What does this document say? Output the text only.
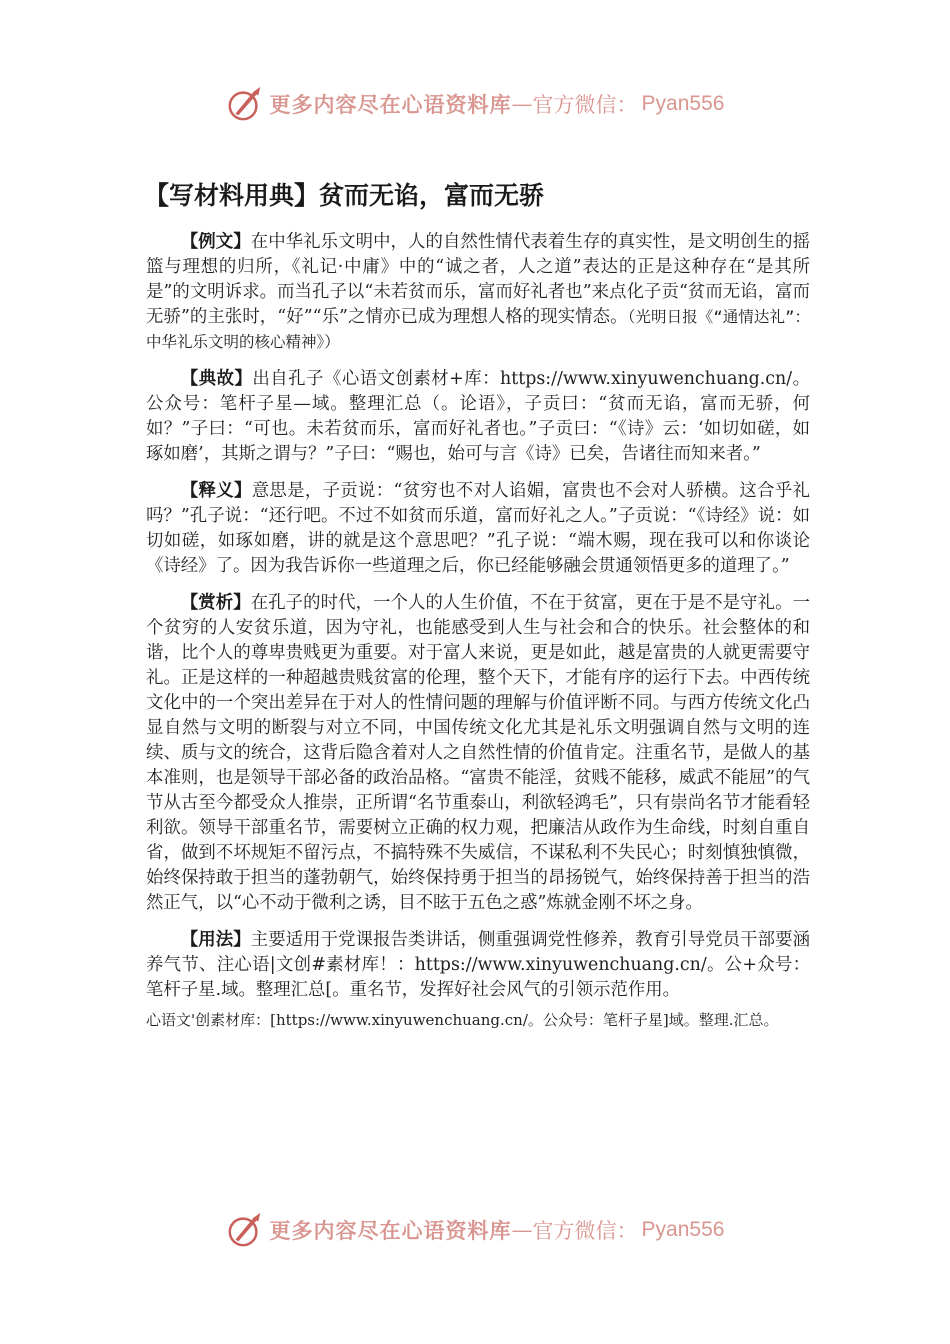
更多内容尽在心语资料库 — 官方微信： Pyan556
【写材料用典】贫而无谄，富而无骄

【例文】在中华礼乐文明中，人的自然性情代表着生存的真实性，是文明创生的摇篮与理想的归所，《礼记·中庸》中的“诚之者，人之道”表达的正是这种存在“是其所是”的文明诉求。而当孔子以“未若贫而乐，富而好礼者也”来点化子贡“贫而无谄，富而无骄”的主张时，“好”“乐”之情亦已成为理想人格的现实情态。（光明日报《“通情达礼”：中华礼乐文明的核心精神》）

【典故】出自孔子《心语文创素材+库：https://www.xinyuwenchuang.cn/。公众号：笔杆子星—域。整理汇总（。论语》，子贡曰：“贫而无谄，富而无骄，何如？”子曰：“可也。未若贫而乐，富而好礼者也。”子贡曰：“《诗》云：‘如切如磋，如琢如磨’，其斯之谓与？”子曰：“赐也，始可与言《诗》已矣，告诸往而知来者。”

【释义】意思是，子贡说：“贫穷也不对人谄媚，富贵也不会对人骄横。这合乎礼吗？”孔子说：“还行吧。不过不如贫而乐道，富而好礼之人。”子贡说：“《诗经》说：如切如磋，如琢如磨，讲的就是这个意思吧？”孔子说：“端木赐，现在我可以和你谈论《诗经》了。因为我告诉你一些道理之后，你已经能够融会贯通领悟更多的道理了。”

【赏析】在孔子的时代，一个人的人生价值，不在于贫富，更在于是不是守礼。一个贫穷的人安贫乐道，因为守礼，也能感受到人生与社会和合的快乐。社会整体的和谐，比个人的尊卑贵贱更为重要。对于富人来说，更是如此，越是富贵的人就更需要守礼。正是这样的一种超越贵贱贫富的伦理，整个天下，才能有序的运行下去。中西传统文化中的一个突出差异在于对人的性情问题的理解与价值评断不同。与西方传统文化凸显自然与文明的断裂与对立不同，中国传统文化尤其是礼乐文明强调自然与文明的连续、质与文的统合，这背后隐含着对人之自然性情的价值肯定。注重名节，是做人的基本准则，也是领导干部必备的政治品格。“富贵不能淫，贫贱不能移，威武不能屈”的气节从古至今都受众人推崇，正所谓“名节重泰山，利欲轻鸿毛”，只有崇尚名节才能看轻利欲。领导干部重名节，需要树立正确的权力观，把廉洁从政作为生命线，时刻自重自省，做到不坏规矩不留污点，不搞特殊不失威信，不谋私利不失民心；时刻慎独慎微，始终保持敢于担当的蓬勃朝气，始终保持勇于担当的昂扬锐气，始终保持善于担当的浩然正气，以“心不动于微利之诱，目不眩于五色之惑”炼就金刚不坏之身。

【用法】主要适用于党课报告类讲话，侧重强调党性修养，教育引导党员干部要涵养气节、注心语|文创#素材库！：https://www.xinyuwenchuang.cn/。公+众号：笔杆子星.域。整理汇总[。重名节，发挥好社会风气的引领示范作用。

心语文'创素材库：[https://www.xinyuwenchuang.cn/。公众号：笔杆子星]域。整理.汇总。

更多内容尽在心语资料库 — 官方微信： Pyan556
